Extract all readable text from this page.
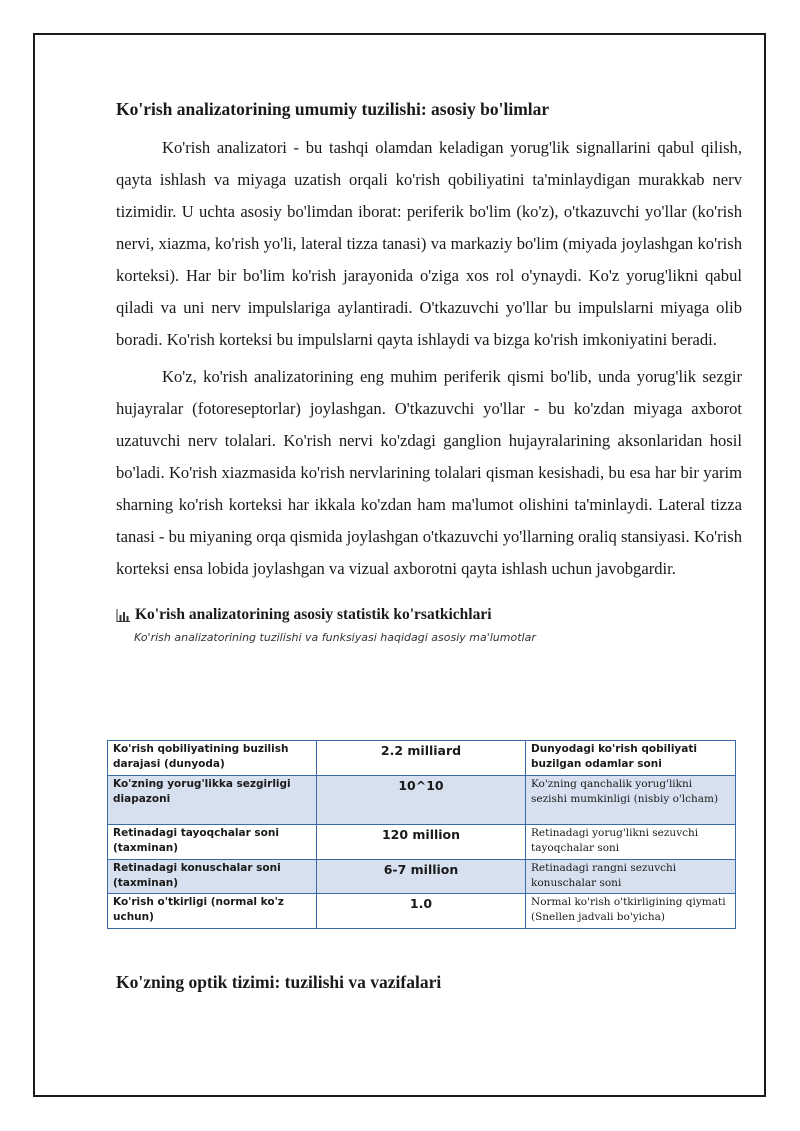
Ko'rish analizatorining umumiy tuzilishi: asosiy bo'limlar

Ko'rish analizatori - bu tashqi olamdan keladigan yorug'lik signallarini qabul qilish, qayta ishlash va miyaga uzatish orqali ko'rish qobiliyatini ta'minlaydigan murakkab nerv tizimidir. U uchta asosiy bo'limdan iborat: periferik bo'lim (ko'z), o'tkazuvchi yo'llar (ko'rish nervi, xiazma, ko'rish yo'li, lateral tizza tanasi) va markaziy bo'lim (miyada joylashgan ko'rish korteksi). Har bir bo'lim ko'rish jarayonida o'ziga xos rol o'ynaydi. Ko'z yorug'likni qabul qiladi va uni nerv impulslariga aylantiradi. O'tkazuvchi yo'llar bu impulslarni miyaga olib boradi. Ko'rish korteksi bu impulslarni qayta ishlaydi va bizga ko'rish imkoniyatini beradi.

Ko'z, ko'rish analizatorining eng muhim periferik qismi bo'lib, unda yorug'lik sezgir hujayralar (fotoreseptorlar) joylashgan. O'tkazuvchi yo'llar - bu ko'zdan miyaga axborot uzatuvchi nerv tolalari. Ko'rish nervi ko'zdagi ganglion hujayralarining aksonlaridan hosil bo'ladi. Ko'rish xiazmasida ko'rish nervlarining tolalari qisman kesishadi, bu esa har bir yarim sharning ko'rish korteksi har ikkala ko'zdan ham ma'lumot olishini ta'minlaydi. Lateral tizza tanasi - bu miyaning orqa qismida joylashgan o'tkazuvchi yo'llarning oraliq stansiyasi. Ko'rish korteksi ensa lobida joylashgan va vizual axborotni qayta ishlash uchun javobgardir.

Ko'rish analizatorining asosiy statistik ko'rsatkichlari
Ko'rish analizatorining tuzilishi va funksiyasi haqidagi asosiy ma'lumotlar
Ko'rish qobiliyatining buzilish darajasi (dunyoda)	2.2 milliard	Dunyodagi ko'rish qobiliyati buzilgan odamlar soni
Ko'zning yorug'likka sezgirligi diapazoni	10^10	Ko'zning qanchalik yorug'likni sezishi mumkinligi (nisbiy o'lcham)
Retinadagi tayoqchalar soni (taxminan)	120 million	Retinadagi yorug'likni sezuvchi tayoqchalar soni
Retinadagi konuschalar soni (taxminan)	6-7 million	Retinadagi rangni sezuvchi konuschalar soni
Ko'rish o'tkirligi (normal ko'z uchun)	1.0	Normal ko'rish o'tkirligining qiymati (Snellen jadvali bo'yicha)
Ko'zning optik tizimi: tuzilishi va vazifalari
